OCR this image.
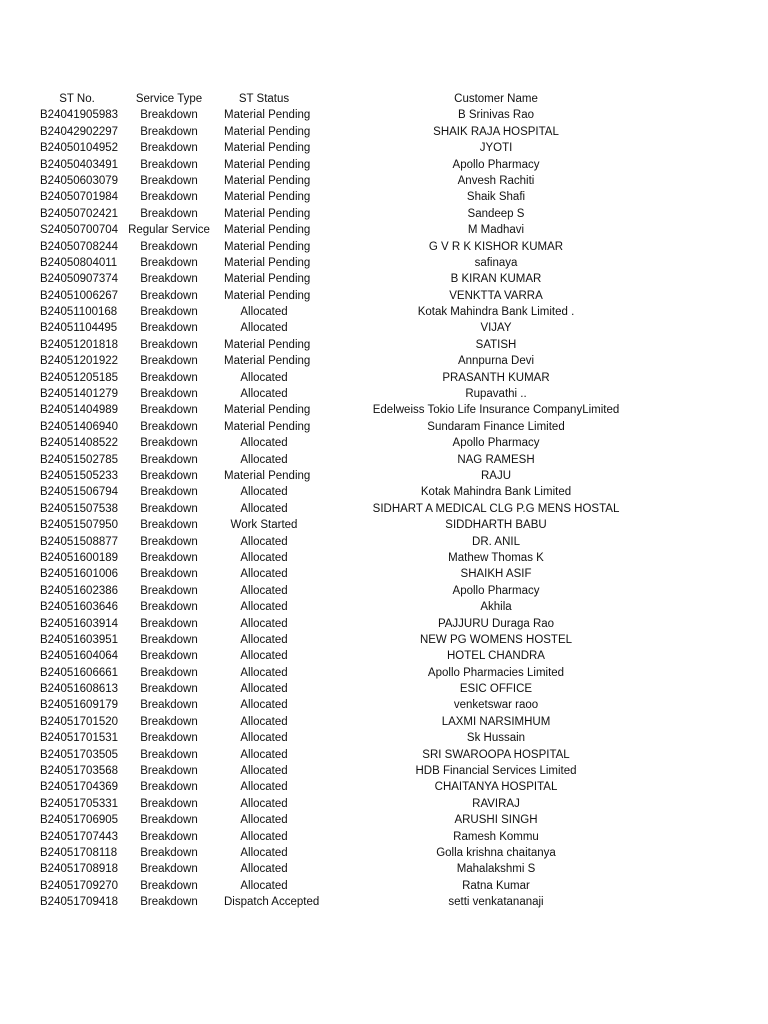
ST No.	Service Type	ST Status	Customer Name
B24041905983	Breakdown	Material Pending	B Srinivas Rao
B24042902297	Breakdown	Material Pending	SHAIK RAJA HOSPITAL
B24050104952	Breakdown	Material Pending	JYOTI
B24050403491	Breakdown	Material Pending	Apollo Pharmacy
B24050603079	Breakdown	Material Pending	Anvesh Rachiti
B24050701984	Breakdown	Material Pending	Shaik Shafi
B24050702421	Breakdown	Material Pending	Sandeep S
S24050700704 Regular Service	Material Pending	M Madhavi
B24050708244	Breakdown	Material Pending	G V R K KISHOR KUMAR
B24050804011	Breakdown	Material Pending	safinaya
B24050907374	Breakdown	Material Pending	B KIRAN KUMAR
B24051006267	Breakdown	Material Pending	VENKTTA VARRA
B24051100168	Breakdown	Allocated	Kotak Mahindra Bank Limited .
B24051104495	Breakdown	Allocated	VIJAY
B24051201818	Breakdown	Material Pending	SATISH
B24051201922	Breakdown	Material Pending	Annpurna Devi
B24051205185	Breakdown	Allocated	PRASANTH KUMAR
B24051401279	Breakdown	Allocated	Rupavathi ..
B24051404989	Breakdown	Material Pending	Edelweiss Tokio Life Insurance CompanyLimited
B24051406940	Breakdown	Material Pending	Sundaram Finance Limited
B24051408522	Breakdown	Allocated	Apollo Pharmacy
B24051502785	Breakdown	Allocated	NAG RAMESH
B24051505233	Breakdown	Material Pending	RAJU
B24051506794	Breakdown	Allocated	Kotak Mahindra Bank Limited
B24051507538	Breakdown	Allocated	SIDHART A MEDICAL CLG P.G MENS HOSTAL
B24051507950	Breakdown	Work Started	SIDDHARTH BABU
B24051508877	Breakdown	Allocated	DR. ANIL
B24051600189	Breakdown	Allocated	Mathew Thomas K
B24051601006	Breakdown	Allocated	SHAIKH ASIF
B24051602386	Breakdown	Allocated	Apollo Pharmacy
B24051603646	Breakdown	Allocated	Akhila
B24051603914	Breakdown	Allocated	PAJJURU Duraga Rao
B24051603951	Breakdown	Allocated	NEW PG WOMENS HOSTEL
B24051604064	Breakdown	Allocated	HOTEL CHANDRA
B24051606661	Breakdown	Allocated	Apollo Pharmacies Limited
B24051608613	Breakdown	Allocated	ESIC OFFICE
B24051609179	Breakdown	Allocated	venketswar raoo
B24051701520	Breakdown	Allocated	LAXMI NARSIMHUM
B24051701531	Breakdown	Allocated	Sk Hussain
B24051703505	Breakdown	Allocated	SRI SWAROOPA HOSPITAL
B24051703568	Breakdown	Allocated	HDB Financial Services Limited
B24051704369	Breakdown	Allocated	CHAITANYA HOSPITAL
B24051705331	Breakdown	Allocated	RAVIRAJ
B24051706905	Breakdown	Allocated	ARUSHI SINGH
B24051707443	Breakdown	Allocated	Ramesh Kommu
B24051708118	Breakdown	Allocated	Golla krishna chaitanya
B24051708918	Breakdown	Allocated	Mahalakshmi S
B24051709270	Breakdown	Allocated	Ratna Kumar
B24051709418	Breakdown	Dispatch Accepted	setti venkatananaji
